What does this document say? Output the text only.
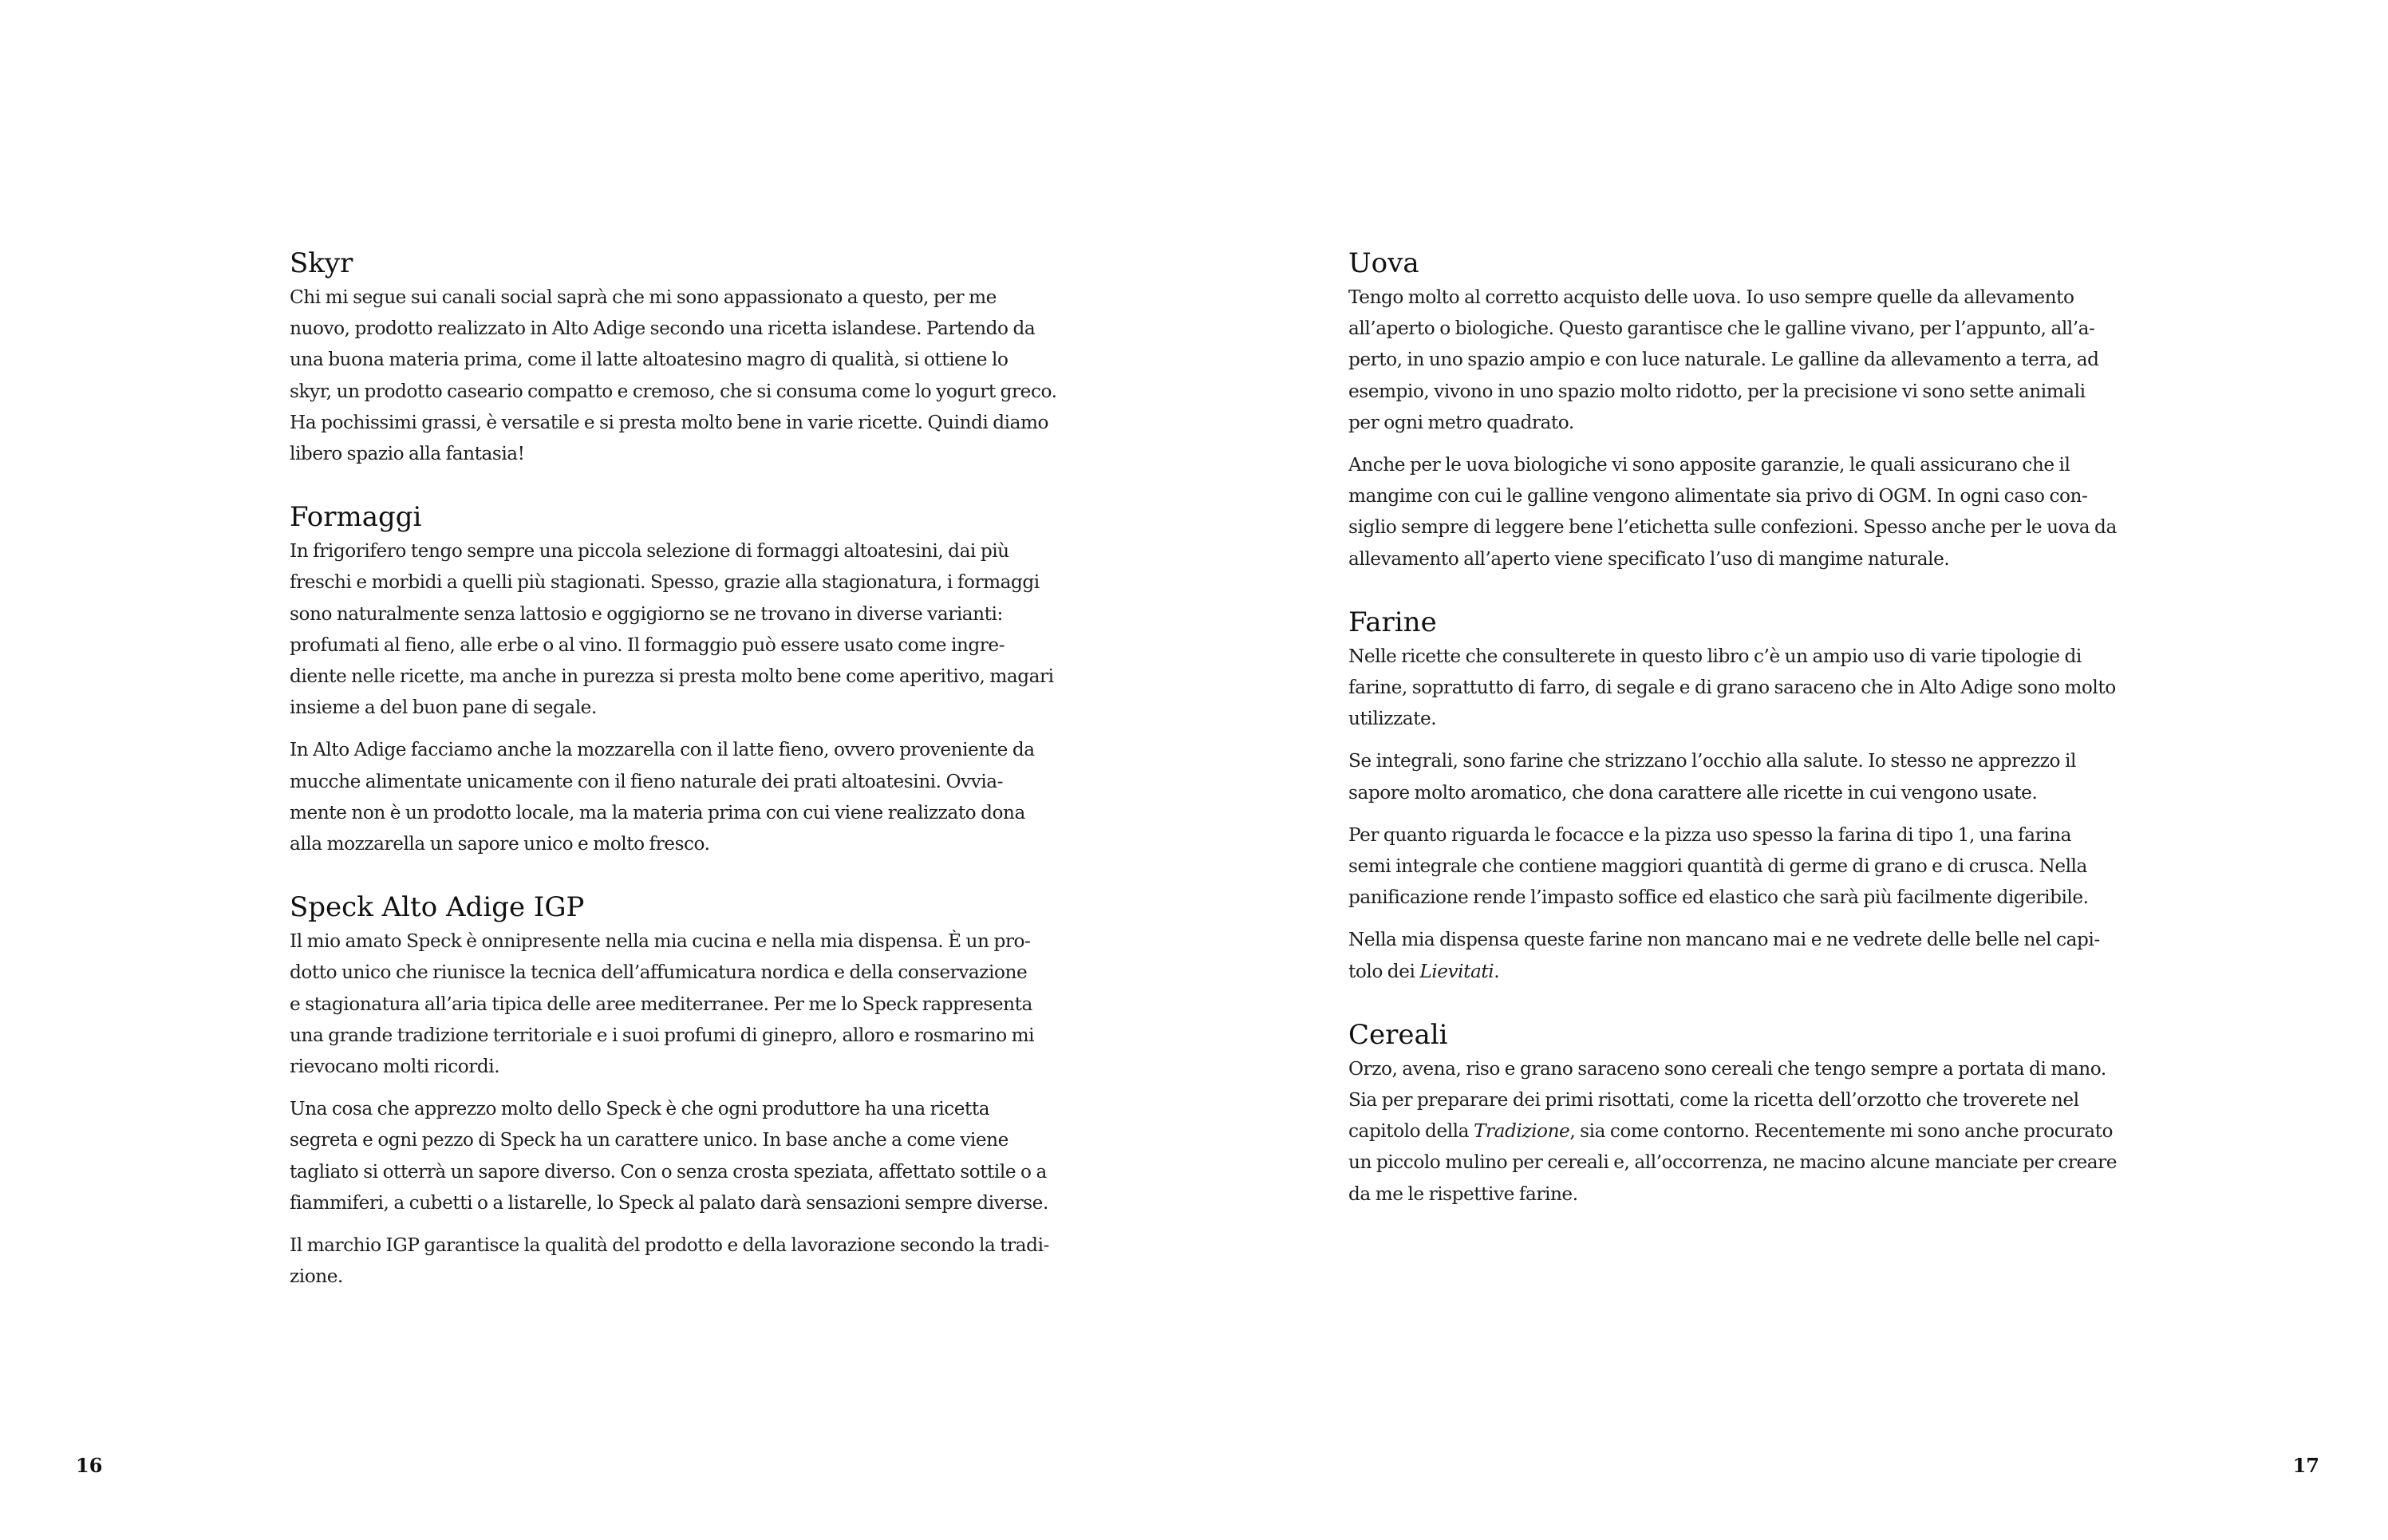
Skyr

Chi mi segue sui canali social saprà che mi sono appassionato a questo, per me
nuovo, prodotto realizzato in Alto Adige secondo una ricetta islandese. Partendo da
una buona materia prima, come il latte altoatesino magro di qualità, si ottiene lo
skyr, un prodotto caseario compatto e cremoso, che si consuma come lo yogurt greco.
Ha pochissimi grassi, è versatile e si presta molto bene in varie ricette. Quindi diamo
libero spazio alla fantasia!

Formaggi

In frigorifero tengo sempre una piccola selezione di formaggi altoatesini, dai più
freschi e morbidi a quelli più stagionati. Spesso, grazie alla stagionatura, i formaggi
sono naturalmente senza lattosio e oggigiorno se ne trovano in diverse varianti:
profumati al fieno, alle erbe o al vino. Il formaggio può essere usato come ingre-
diente nelle ricette, ma anche in purezza si presta molto bene come aperitivo, magari
insieme a del buon pane di segale.

In Alto Adige facciamo anche la mozzarella con il latte fieno, ovvero proveniente da
mucche alimentate unicamente con il fieno naturale dei prati altoatesini. Ovvia-
mente non è un prodotto locale, ma la materia prima con cui viene realizzato dona
alla mozzarella un sapore unico e molto fresco.

Speck Alto Adige IGP

Il mio amato Speck è onnipresente nella mia cucina e nella mia dispensa. È un pro-
dotto unico che riunisce la tecnica dell’affumicatura nordica e della conservazione
e stagionatura all’aria tipica delle aree mediterranee. Per me lo Speck rappresenta
una grande tradizione territoriale e i suoi profumi di ginepro, alloro e rosmarino mi
rievocano molti ricordi.

Una cosa che apprezzo molto dello Speck è che ogni produttore ha una ricetta
segreta e ogni pezzo di Speck ha un carattere unico. In base anche a come viene
tagliato si otterrà un sapore diverso. Con o senza crosta speziata, affettato sottile o a
fiammiferi, a cubetti o a listarelle, lo Speck al palato darà sensazioni sempre diverse.

Il marchio IGP garantisce la qualità del prodotto e della lavorazione secondo la tradi-
zione.

Uova

Tengo molto al corretto acquisto delle uova. Io uso sempre quelle da allevamento
all’aperto o biologiche. Questo garantisce che le galline vivano, per l’appunto, all’a-
perto, in uno spazio ampio e con luce naturale. Le galline da allevamento a terra, ad
esempio, vivono in uno spazio molto ridotto, per la precisione vi sono sette animali
per ogni metro quadrato.

Anche per le uova biologiche vi sono apposite garanzie, le quali assicurano che il
mangime con cui le galline vengono alimentate sia privo di OGM. In ogni caso con-
siglio sempre di leggere bene l’etichetta sulle confezioni. Spesso anche per le uova da
allevamento all’aperto viene specificato l’uso di mangime naturale.

Farine

Nelle ricette che consulterete in questo libro c’è un ampio uso di varie tipologie di
farine, soprattutto di farro, di segale e di grano saraceno che in Alto Adige sono molto
utilizzate.

Se integrali, sono farine che strizzano l’occhio alla salute. Io stesso ne apprezzo il
sapore molto aromatico, che dona carattere alle ricette in cui vengono usate.

Per quanto riguarda le focacce e la pizza uso spesso la farina di tipo 1, una farina
semi integrale che contiene maggiori quantità di germe di grano e di crusca. Nella
panificazione rende l’impasto soffice ed elastico che sarà più facilmente digeribile.

Nella mia dispensa queste farine non mancano mai e ne vedrete delle belle nel capi-
tolo dei Lievitati.

Cereali

Orzo, avena, riso e grano saraceno sono cereali che tengo sempre a portata di mano.
Sia per preparare dei primi risottati, come la ricetta dell’orzotto che troverete nel
capitolo della Tradizione, sia come contorno. Recentemente mi sono anche procurato
un piccolo mulino per cereali e, all’occorrenza, ne macino alcune manciate per creare
da me le rispettive farine.

16	17
